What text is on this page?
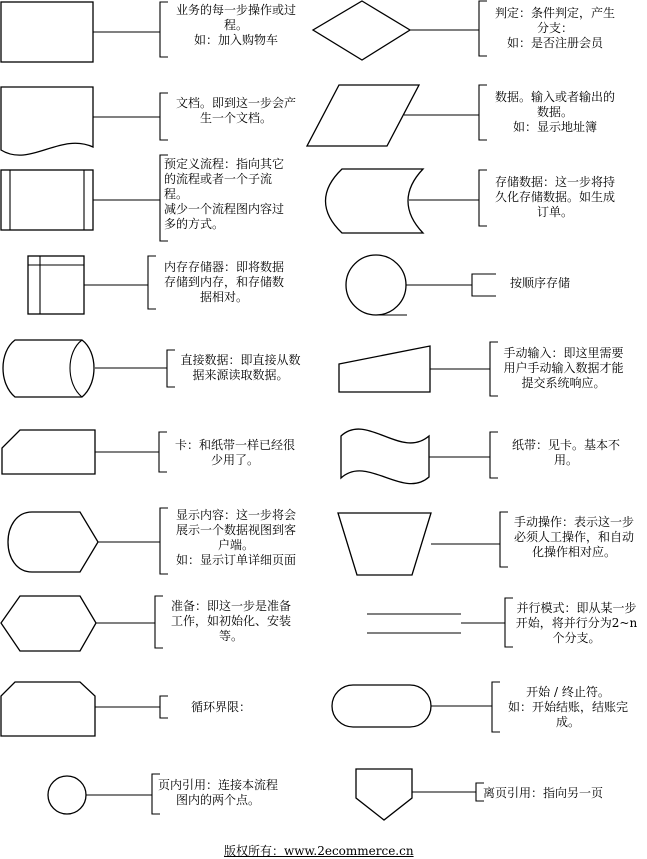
业务的每一步操作或过
程。
如：加入购物车
判定：条件判定，产生
分支：
如：是否注册会员
文档。即到这一步会产
生一个文档。
数据。输入或者输出的
数据。
如：显示地址簿
预定义流程：指向其它
的流程或者一个子流
程。
减少一个流程图内容过
多的方式。
存储数据：这一步将持
久化存储数据。如生成
订单。
内存存储器：即将数据
存储到内存，和存储数
据相对。
按顺序存储
直接数据：即直接从数
据来源读取数据。
手动输入：即这里需要
用户手动输入数据才能
提交系统响应。
卡：和纸带一样已经很
少用了。
纸带：见卡。基本不
用。
显示内容：这一步将会
展示一个数据视图到客
户端。
如：显示订单详细页面
手动操作：表示这一步
必须人工操作，和自动
化操作相对应。
准备：即这一步是准备
工作，如初始化、安装
等。
并行模式：即从某一步
开始，将并行分为2~n
个分支。
循环界限：
开始 / 终止符。
如：开始结账，结账完
成。
页内引用：连接本流程
图内的两个点。	离页引用：指向另一页
版权所有：www.2ecommerce.cn
